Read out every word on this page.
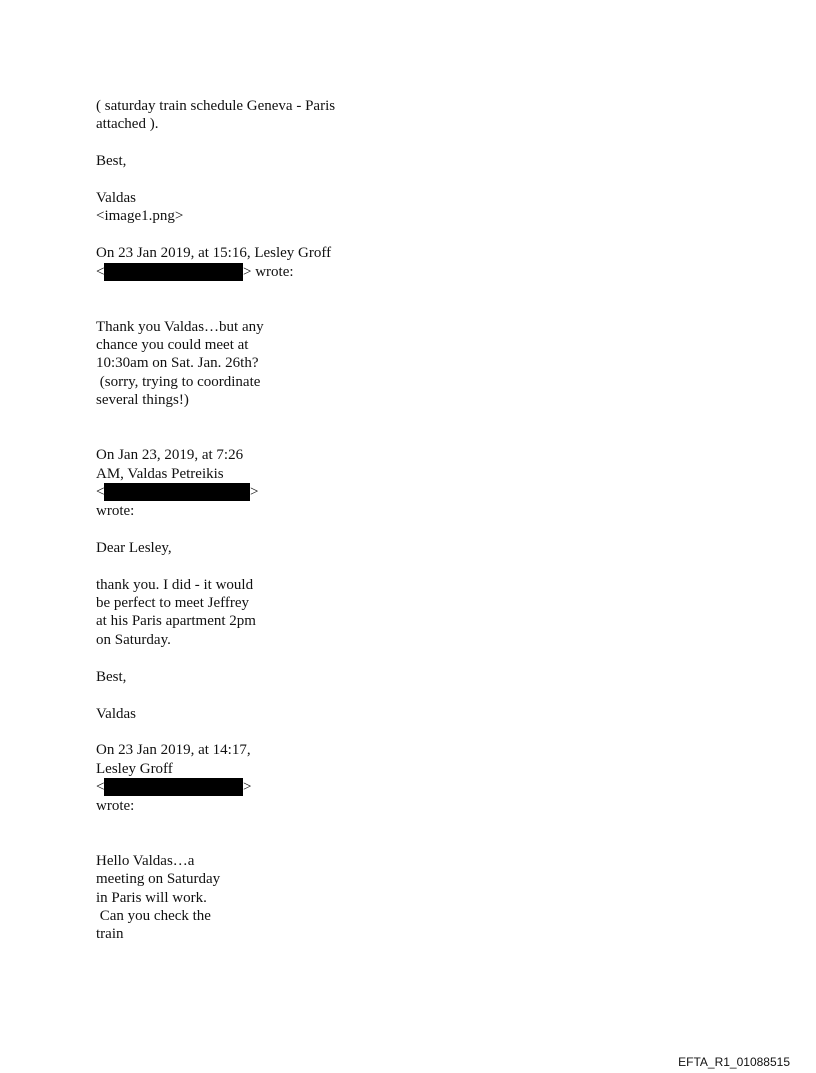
( saturday train schedule Geneva - Paris
attached ).
Best,
Valdas
<image1.png>
On 23 Jan 2019, at 15:16, Lesley Groff
<	> wrote:
Thank you Valdas…but any
chance you could meet at
10:30am on Sat. Jan. 26th?
(sorry, trying to coordinate
several things!)
On Jan 23, 2019, at 7:26
AM, Valdas Petreikis
<	>
wrote:
Dear Lesley,
thank you. I did - it would
be perfect to meet Jeffrey
at his Paris apartment 2pm
on Saturday.
Best,
Valdas
On 23 Jan 2019, at 14:17,
Lesley Groff
<	>
wrote:
Hello Valdas…a
meeting on Saturday
in Paris will work.
Can you check the
train
EFTA_R1_01088515
